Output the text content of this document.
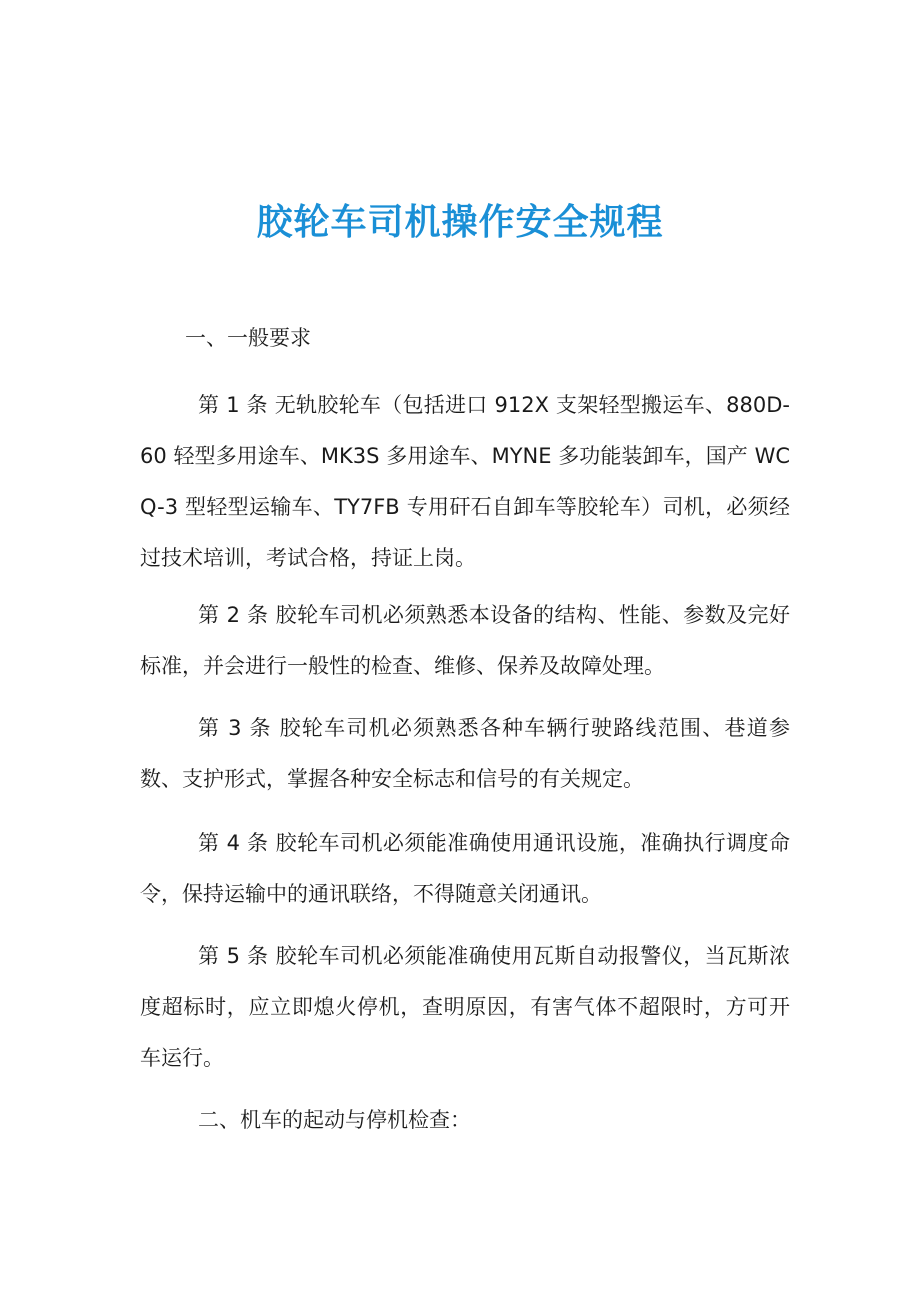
胶轮车司机操作安全规程

一、一般要求

第 1 条 无轨胶轮车（包括进口 912X 支架轻型搬运车、880D-60 轻型多用途车、MK3S 多用途车、MYNE 多功能装卸车，国产 WCQ-3 型轻型运输车、TY7FB 专用矸石自卸车等胶轮车）司机，必须经过技术培训，考试合格，持证上岗。

第 2 条 胶轮车司机必须熟悉本设备的结构、性能、参数及完好标准，并会进行一般性的检查、维修、保养及故障处理。

第 3 条 胶轮车司机必须熟悉各种车辆行驶路线范围、巷道参数、支护形式，掌握各种安全标志和信号的有关规定。

第 4 条 胶轮车司机必须能准确使用通讯设施，准确执行调度命令，保持运输中的通讯联络，不得随意关闭通讯。

第 5 条 胶轮车司机必须能准确使用瓦斯自动报警仪，当瓦斯浓度超标时，应立即熄火停机，查明原因，有害气体不超限时，方可开车运行。

二、机车的起动与停机检查：
